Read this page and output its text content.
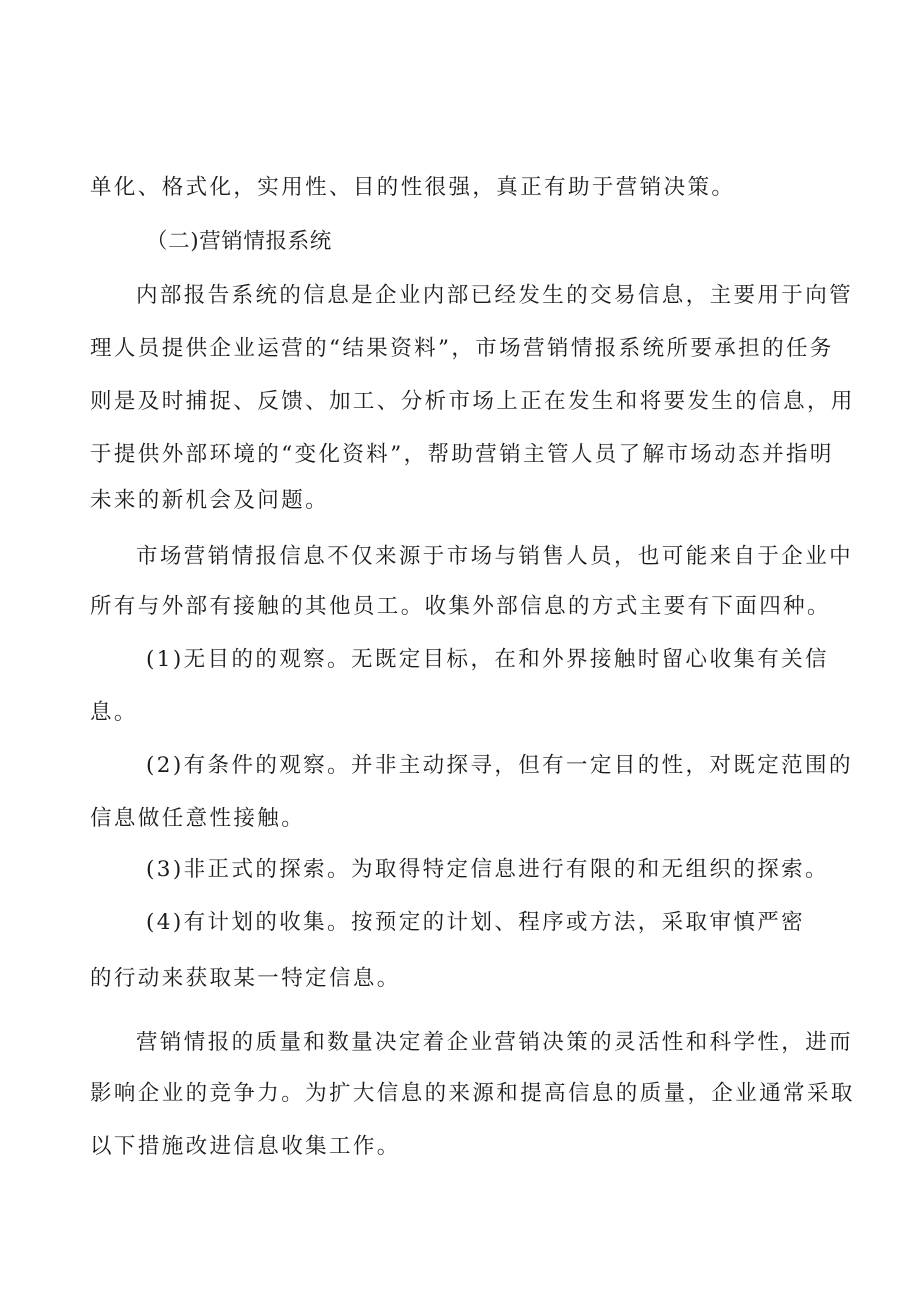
单化、格式化，实用性、目的性很强，真正有助于营销决策。
（二)营销情报系统
内部报告系统的信息是企业内部已经发生的交易信息，主要用于向管
理人员提供企业运营的“结果资料”，市场营销情报系统所要承担的任务
则是及时捕捉、反馈、加工、分析市场上正在发生和将要发生的信息，用
于提供外部环境的“变化资料”，帮助营销主管人员了解市场动态并指明
未来的新机会及问题。
市场营销情报信息不仅来源于市场与销售人员，也可能来自于企业中
所有与外部有接触的其他员工。收集外部信息的方式主要有下面四种。
(1)无目的的观察。无既定目标，在和外界接触时留心收集有关信
息。
(2)有条件的观察。并非主动探寻，但有一定目的性，对既定范围的
信息做任意性接触。
(3)非正式的探索。为取得特定信息进行有限的和无组织的探索。
(4)有计划的收集。按预定的计划、程序或方法，采取审慎严密
的行动来获取某一特定信息。
营销情报的质量和数量决定着企业营销决策的灵活性和科学性，进而
影响企业的竞争力。为扩大信息的来源和提高信息的质量，企业通常采取
以下措施改进信息收集工作。
